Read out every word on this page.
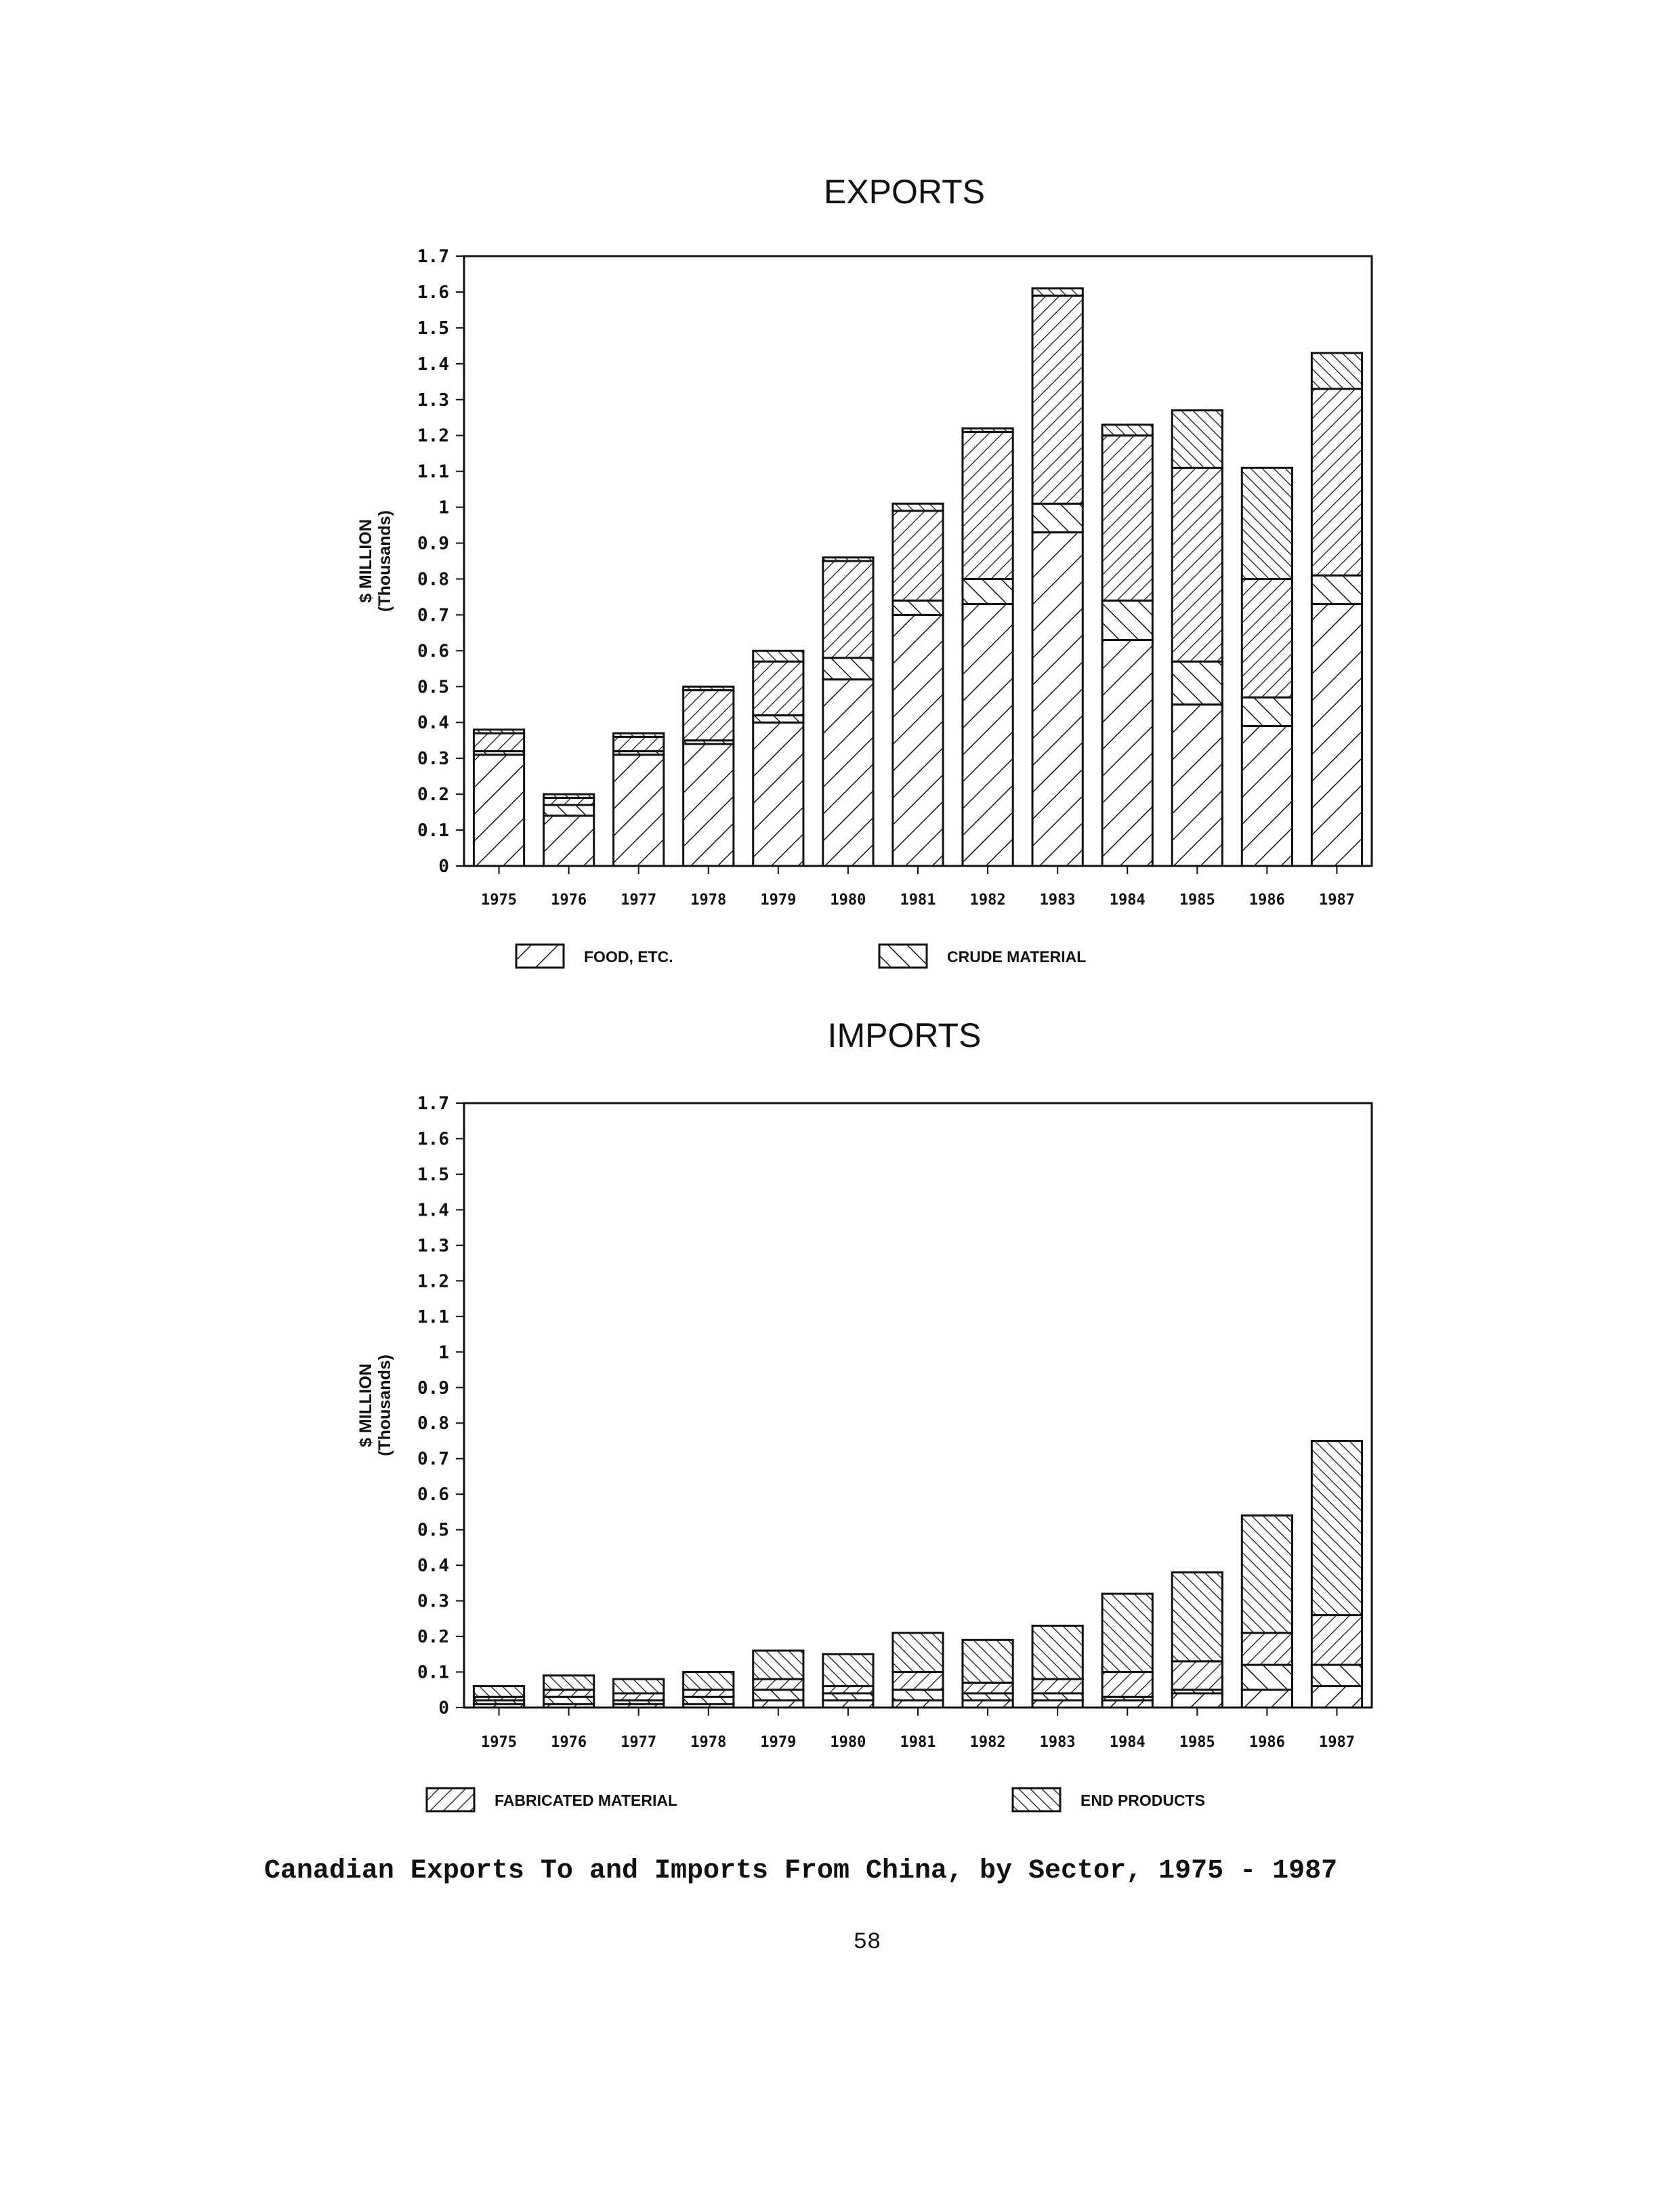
EXPORTS
0
0.1
0.2
0.3
0.4
0.5
0.6
0.7
0.8
0.9
1
1.1
1.2
1.3
1.4
1.5
1.6
1.7
$ MILLION (Thousands)
1975 1976 1977 1978 1979 1980 1981 1982 1983 1984 1985 1986 1987
FOOD, ETC.	CRUDE MATERIAL
IMPORTS
0
0.1
0.2
0.3
0.4
0.5
0.6
0.7
0.8
0.9
1
1.1
1.2
1.3
1.4
1.5
1.6
1.7
$ MILLION (Thousands)
1975 1976 1977 1978 1979 1980 1981 1982 1983 1984 1985 1986 1987
FABRICATED MATERIAL	END PRODUCTS
Canadian Exports To and Imports From China, by Sector, 1975 - 1987
58
